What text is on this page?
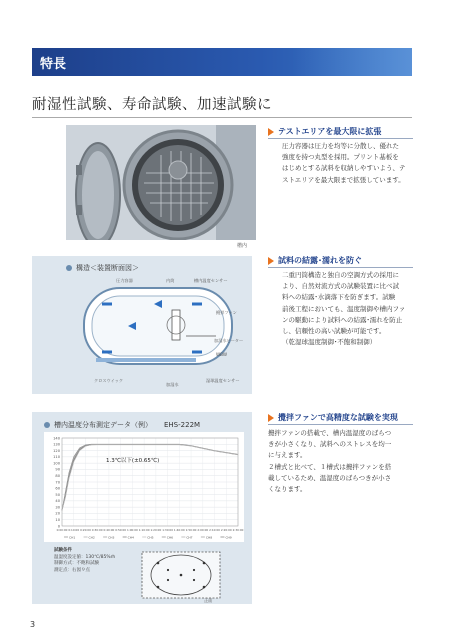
特長
耐湿性試験、寿命試験、加速試験に
槽内
テストエリアを最大限に拡張
圧力容器は圧力を均等に分散し、優れた
強度を持つ丸型を採用。プリント基板を
はじめとする試料を収納しやすいよう、テ
ストエリアを最大限まで拡張しています。
構造＜装置断面図＞
圧力容器	内筒	槽内温度センサー
攪拌ファン
加湿水ヒーター
WBW
湿球温度センサー
クロスウイック
加湿水
試料の結露･濡れを防ぐ
二重円筒構造と独自の空調方式の採用に
より、自然対流方式の試験装置に比べ試
料への結露･水滴落下を防ぎます。試験
前後工程においても、温度制御や槽内ファ
ンの駆動により試料への結露･濡れを防止
し、信頼性の高い試験が可能です。
（乾湿球温度制御･不飽和制御）
槽内温度分布測定データ（例） EHS-222M
0
10
20
30
40
50
60
70
80
90
100
110
120
130
140
0:00:00 0:10:00 0:20:00 0:30:00 0:40:00 0:50:00 1:00:00 1:10:00 1:20:00 1:30:00 1:40:00 1:50:00 2:00:00 2:10:00 2:20:00 2:30:00
CH1	CH2	CH3	CH4	CH5	CH6	CH7	CH8	CH9
1.3℃以下(±0.65℃)
試験条件
温湿度設定値：130℃/85%rh
制御方式：不飽和試験
測定点：右図９点
正面
攪拌ファンで高精度な試験を実現
攪拌ファンの搭載で、槽内温湿度のばらつ
きが小さくなり、試料へのストレスを均一
に与えます。
２槽式と比べて、１槽式は攪拌ファンを搭
載しているため、温湿度のばらつきが小さ
くなります。
3
